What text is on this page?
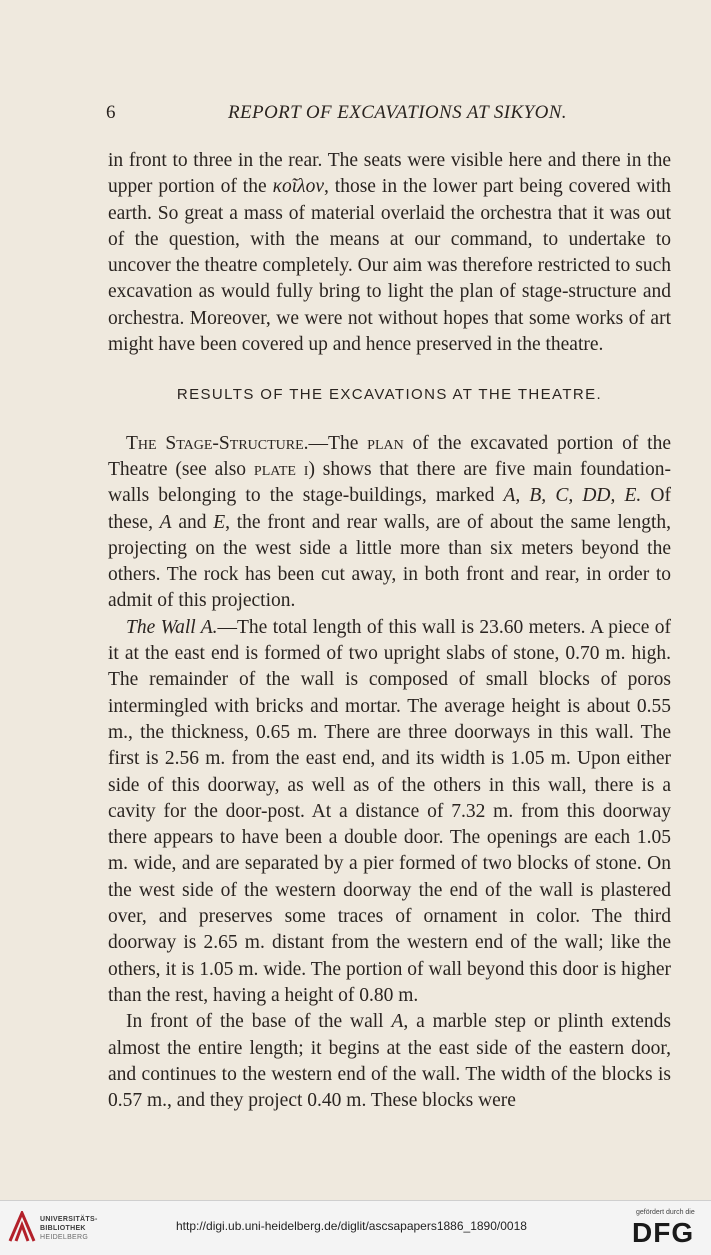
6	REPORT OF EXCAVATIONS AT SIKYON.

in front to three in the rear. The seats were visible here and there in the upper portion of the κοῖλον, those in the lower part being covered with earth. So great a mass of material overlaid the orchestra that it was out of the question, with the means at our command, to undertake to uncover the theatre completely. Our aim was therefore restricted to such excavation as would fully bring to light the plan of stage-structure and orchestra. Moreover, we were not without hopes that some works of art might have been covered up and hence preserved in the theatre.

RESULTS OF THE EXCAVATIONS AT THE THEATRE.

The Stage-Structure.—The plan of the excavated portion of the Theatre (see also plate i) shows that there are five main foundation-walls belonging to the stage-buildings, marked A, B, C, DD, E. Of these, A and E, the front and rear walls, are of about the same length, projecting on the west side a little more than six meters beyond the others. The rock has been cut away, in both front and rear, in order to admit of this projection.

The Wall A.—The total length of this wall is 23.60 meters. A piece of it at the east end is formed of two upright slabs of stone, 0.70 m. high. The remainder of the wall is composed of small blocks of poros intermingled with bricks and mortar. The average height is about 0.55 m., the thickness, 0.65 m. There are three doorways in this wall. The first is 2.56 m. from the east end, and its width is 1.05 m. Upon either side of this doorway, as well as of the others in this wall, there is a cavity for the door-post. At a distance of 7.32 m. from this doorway there appears to have been a double door. The openings are each 1.05 m. wide, and are separated by a pier formed of two blocks of stone. On the west side of the western doorway the end of the wall is plastered over, and preserves some traces of ornament in color. The third doorway is 2.65 m. distant from the western end of the wall; like the others, it is 1.05 m. wide. The portion of wall beyond this door is higher than the rest, having a height of 0.80 m.

In front of the base of the wall A, a marble step or plinth extends almost the entire length; it begins at the east side of the eastern door, and continues to the western end of the wall. The width of the blocks is 0.57 m., and they project 0.40 m. These blocks were

UNIVERSITÄTS-
BIBLIOTHEK
HEIDELBERG
http://digi.ub.uni-heidelberg.de/diglit/ascsapapers1886_1890/0018
gefördert durch die
DFG
